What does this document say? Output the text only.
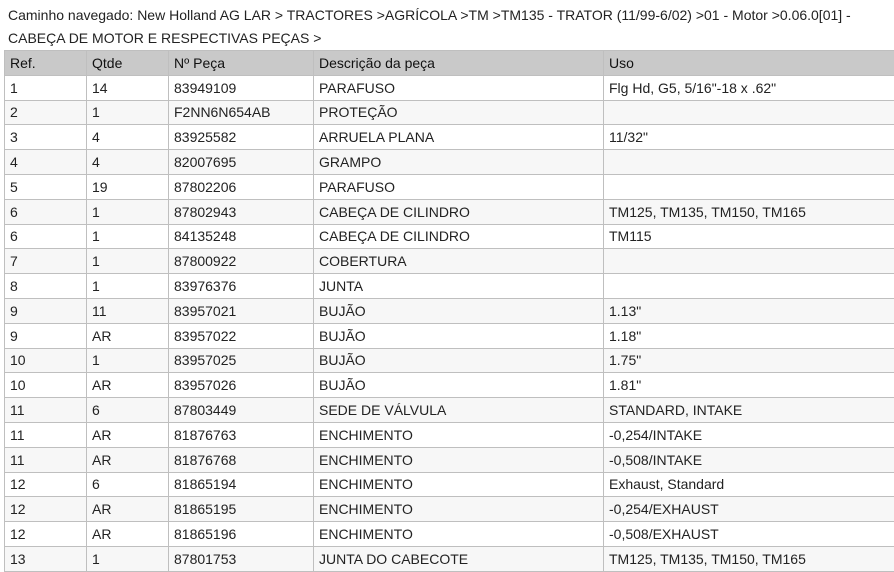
Caminho navegado: New Holland AG LAR > TRACTORES >AGRÍCOLA >TM >TM135 - TRATOR (11/99-6/02) >01 - Motor >0.06.0[01] - CABEÇA DE MOTOR E RESPECTIVAS PEÇAS >
Ref.	Qtde	Nº Peça	Descrição da peça	Uso
1	14	83949109	PARAFUSO	Flg Hd, G5, 5/16"-18 x .62"
2	1	F2NN6N654AB	PROTEÇÃO	
3	4	83925582	ARRUELA PLANA	11/32"
4	4	82007695	GRAMPO	
5	19	87802206	PARAFUSO	
6	1	87802943	CABEÇA DE CILINDRO	TM125, TM135, TM150, TM165
6	1	84135248	CABEÇA DE CILINDRO	TM115
7	1	87800922	COBERTURA	
8	1	83976376	JUNTA	
9	11	83957021	BUJÃO	1.13"
9	AR	83957022	BUJÃO	1.18"
10	1	83957025	BUJÃO	1.75"
10	AR	83957026	BUJÃO	1.81"
11	6	87803449	SEDE DE VÁLVULA	STANDARD, INTAKE
11	AR	81876763	ENCHIMENTO	-0,254/INTAKE
11	AR	81876768	ENCHIMENTO	-0,508/INTAKE
12	6	81865194	ENCHIMENTO	Exhaust, Standard
12	AR	81865195	ENCHIMENTO	-0,254/EXHAUST
12	AR	81865196	ENCHIMENTO	-0,508/EXHAUST
13	1	87801753	JUNTA DO CABECOTE	TM125, TM135, TM150, TM165
